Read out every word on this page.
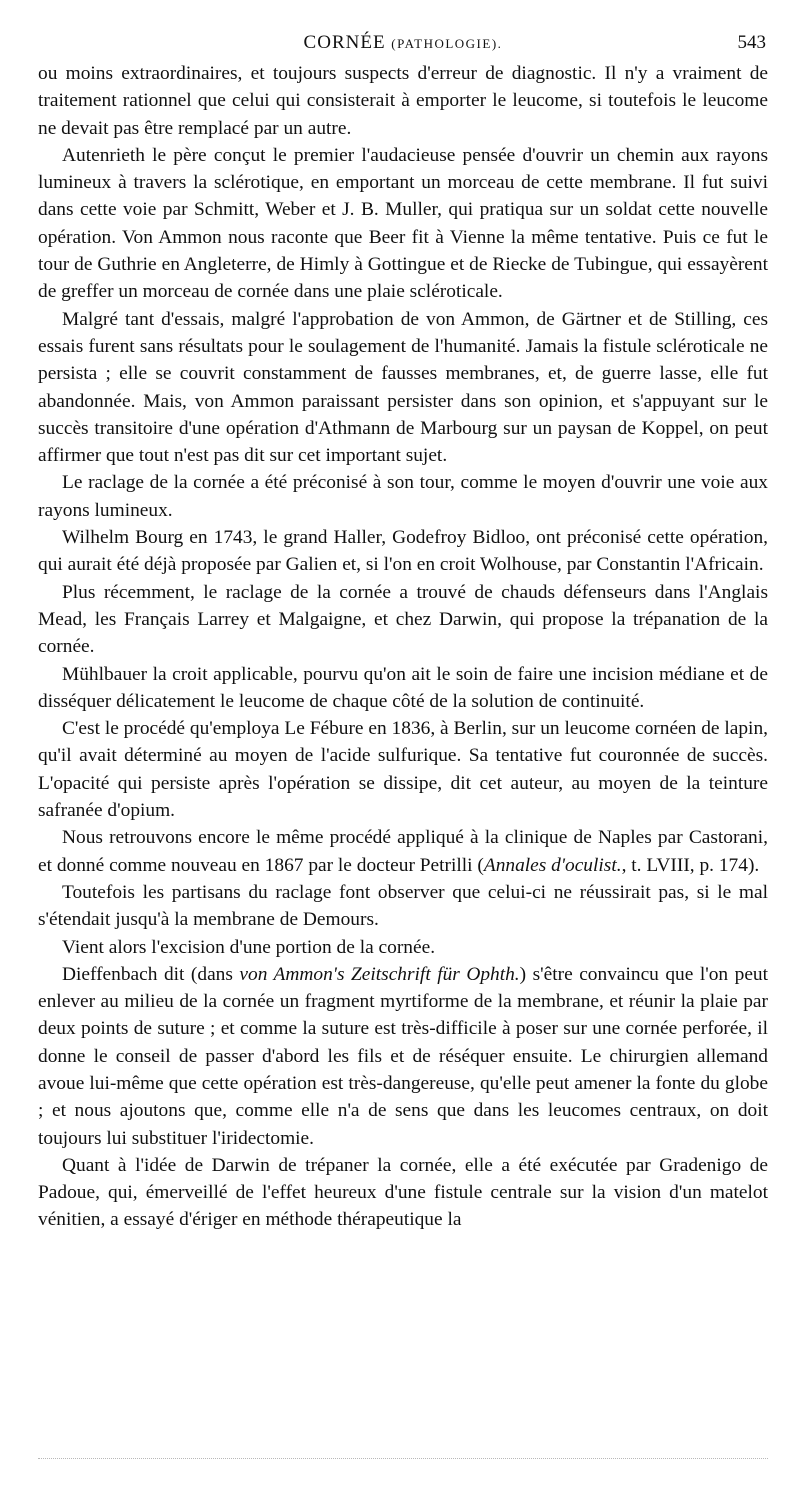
CORNÉE (PATHOLOGIE).	543

ou moins extraordinaires, et toujours suspects d'erreur de diagnostic. Il n'y a vraiment de traitement rationnel que celui qui consisterait à emporter le leucome, si toutefois le leucome ne devait pas être remplacé par un autre.

Autenrieth le père conçut le premier l'audacieuse pensée d'ouvrir un chemin aux rayons lumineux à travers la sclérotique, en emportant un morceau de cette membrane. Il fut suivi dans cette voie par Schmitt, Weber et J. B. Muller, qui pratiqua sur un soldat cette nouvelle opération. Von Ammon nous raconte que Beer fit à Vienne la même tentative. Puis ce fut le tour de Guthrie en Angleterre, de Himly à Gottingue et de Riecke de Tubingue, qui essayèrent de greffer un morceau de cornée dans une plaie scléroticale.

Malgré tant d'essais, malgré l'approbation de von Ammon, de Gärtner et de Stilling, ces essais furent sans résultats pour le soulagement de l'humanité. Jamais la fistule scléroticale ne persista ; elle se couvrit constamment de fausses membranes, et, de guerre lasse, elle fut abandonnée. Mais, von Ammon paraissant persister dans son opinion, et s'appuyant sur le succès transitoire d'une opération d'Athmann de Marbourg sur un paysan de Koppel, on peut affirmer que tout n'est pas dit sur cet important sujet.

Le raclage de la cornée a été préconisé à son tour, comme le moyen d'ouvrir une voie aux rayons lumineux.

Wilhelm Bourg en 1743, le grand Haller, Godefroy Bidloo, ont préconisé cette opération, qui aurait été déjà proposée par Galien et, si l'on en croit Wolhouse, par Constantin l'Africain.

Plus récemment, le raclage de la cornée a trouvé de chauds défenseurs dans l'Anglais Mead, les Français Larrey et Malgaigne, et chez Darwin, qui propose la trépanation de la cornée.

Mühlbauer la croit applicable, pourvu qu'on ait le soin de faire une incision médiane et de disséquer délicatement le leucome de chaque côté de la solution de continuité.

C'est le procédé qu'employa Le Fébure en 1836, à Berlin, sur un leucome cornéen de lapin, qu'il avait déterminé au moyen de l'acide sulfurique. Sa tentative fut couronnée de succès. L'opacité qui persiste après l'opération se dissipe, dit cet auteur, au moyen de la teinture safranée d'opium.

Nous retrouvons encore le même procédé appliqué à la clinique de Naples par Castorani, et donné comme nouveau en 1867 par le docteur Petrilli (Annales d'oculist., t. LVIII, p. 174).

Toutefois les partisans du raclage font observer que celui-ci ne réussirait pas, si le mal s'étendait jusqu'à la membrane de Demours.

Vient alors l'excision d'une portion de la cornée.

Dieffenbach dit (dans von Ammon's Zeitschrift für Ophth.) s'être convaincu que l'on peut enlever au milieu de la cornée un fragment myrtiforme de la membrane, et réunir la plaie par deux points de suture ; et comme la suture est très-difficile à poser sur une cornée perforée, il donne le conseil de passer d'abord les fils et de réséquer ensuite. Le chirurgien allemand avoue lui-même que cette opération est très-dangereuse, qu'elle peut amener la fonte du globe ; et nous ajoutons que, comme elle n'a de sens que dans les leucomes centraux, on doit toujours lui substituer l'iridectomie.

Quant à l'idée de Darwin de trépaner la cornée, elle a été exécutée par Gradenigo de Padoue, qui, émerveillé de l'effet heureux d'une fistule centrale sur la vision d'un matelot vénitien, a essayé d'ériger en méthode thérapeutique la
